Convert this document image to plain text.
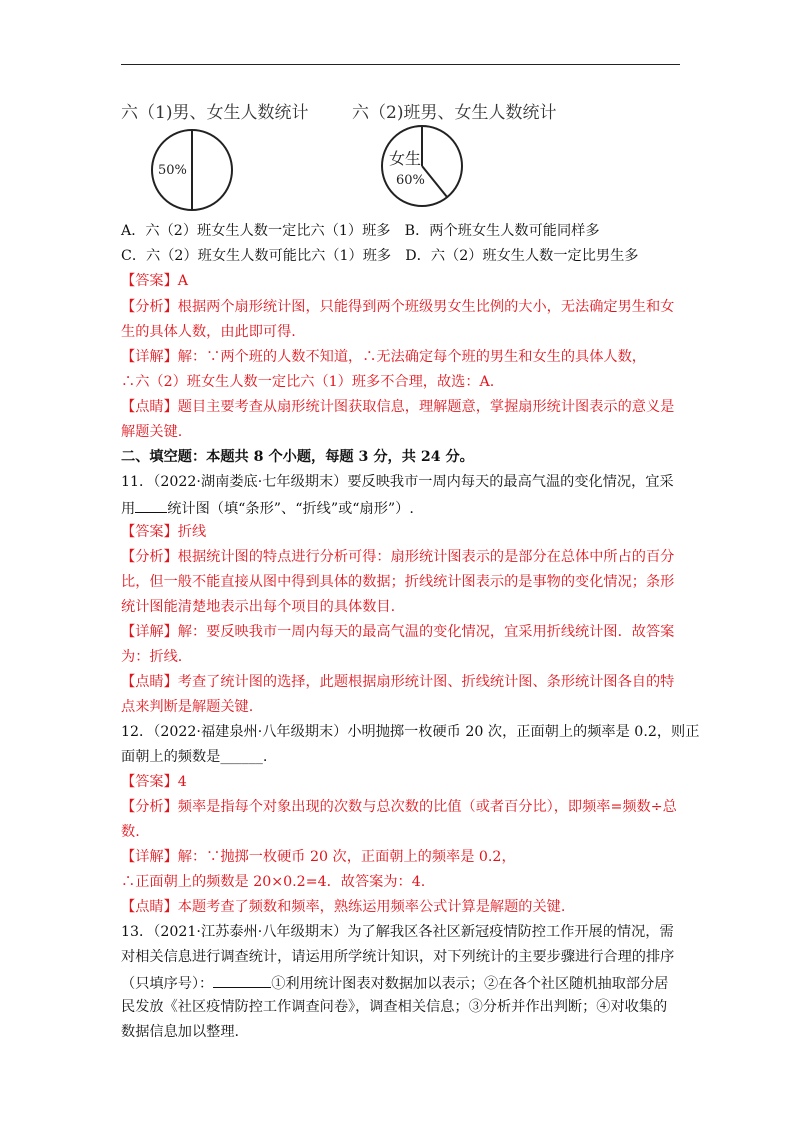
六（1)男、女生人数统计
50%
六（2)班男、女生人数统计
女生
60%
A．六（2）班女生人数一定比六（1）班多　B．两个班女生人数可能同样多
C．六（2）班女生人数可能比六（1）班多　D．六（2）班女生人数一定比男生多
【答案】A
【分析】根据两个扇形统计图，只能得到两个班级男女生比例的大小，无法确定男生和女
生的具体人数，由此即可得.
【详解】解：∵两个班的人数不知道，∴无法确定每个班的男生和女生的具体人数，
∴六（2）班女生人数一定比六（1）班多不合理，故选：A.
【点睛】题目主要考查从扇形统计图获取信息，理解题意，掌握扇形统计图表示的意义是
解题关键.
二、填空题：本题共 8 个小题，每题 3 分，共 24 分。
11．（2022·湖南娄底·七年级期末）要反映我市一周内每天的最高气温的变化情况，宜采
用 统计图（填“条形”、“折线”或“扇形”）.
【答案】折线
【分析】根据统计图的特点进行分析可得：扇形统计图表示的是部分在总体中所占的百分
比，但一般不能直接从图中得到具体的数据；折线统计图表示的是事物的变化情况；条形
统计图能清楚地表示出每个项目的具体数目.
【详解】解：要反映我市一周内每天的最高气温的变化情况，宜采用折线统计图．故答案
为：折线.
【点睛】考查了统计图的选择，此题根据扇形统计图、折线统计图、条形统计图各自的特
点来判断是解题关键.
12．（2022·福建泉州·八年级期末）小明抛掷一枚硬币 20 次，正面朝上的频率是 0.2，则正
面朝上的频数是______.
【答案】4
【分析】频率是指每个对象出现的次数与总次数的比值（或者百分比），即频率=频数÷总
数.
【详解】解：∵抛掷一枚硬币 20 次，正面朝上的频率是 0.2，
∴正面朝上的频数是 20×0.2=4．故答案为：4.
【点睛】本题考查了频数和频率，熟练运用频率公式计算是解题的关键.
13．（2021·江苏泰州·八年级期末）为了解我区各社区新冠疫情防控工作开展的情况，需
对相关信息进行调查统计，请运用所学统计知识，对下列统计的主要步骤进行合理的排序
（只填序号）：	①利用统计图表对数据加以表示；②在各个社区随机抽取部分居
民发放《社区疫情防控工作调查问卷》，调查相关信息；③分析并作出判断；④对收集的
数据信息加以整理.
